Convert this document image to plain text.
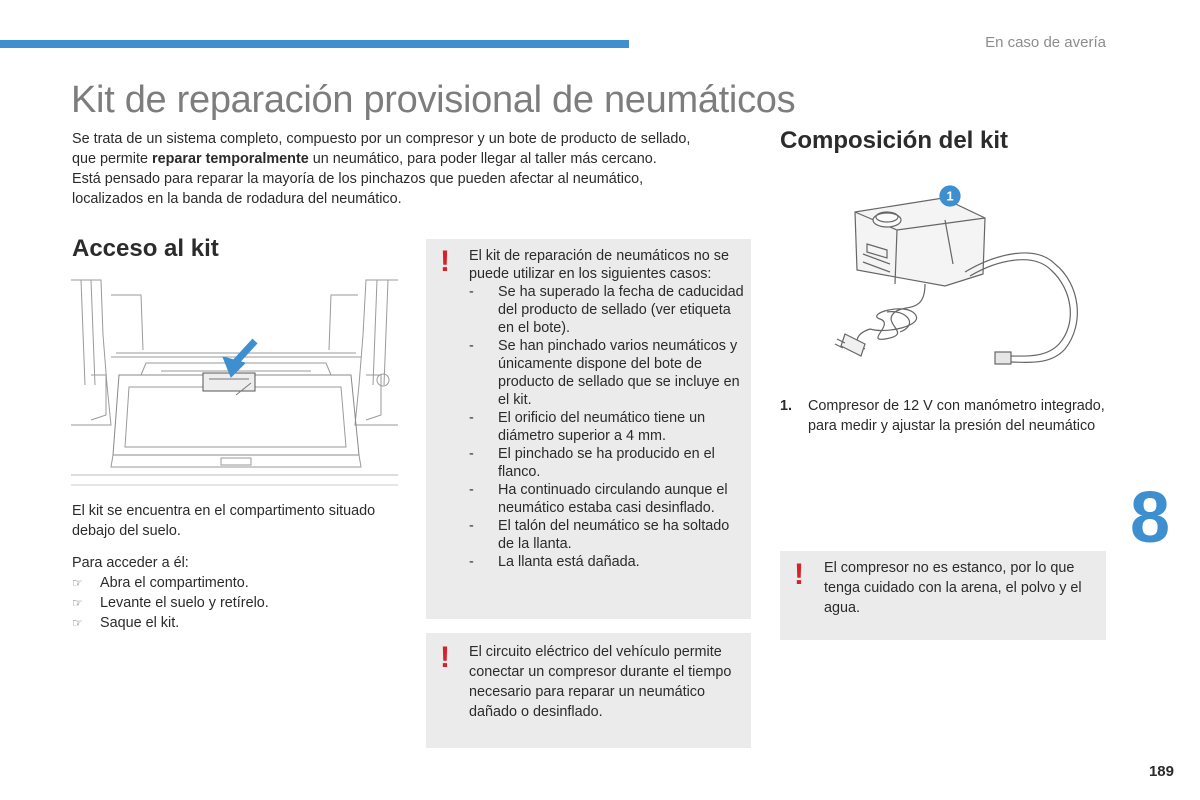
En caso de avería
Kit de reparación provisional de neumáticos

Se trata de un sistema completo, compuesto por un compresor y un bote de producto de sellado,

que permite reparar temporalmente un neumático, para poder llegar al taller más cercano.

Está pensado para reparar la mayoría de los pinchazos que pueden afectar al neumático,

localizados en la banda de rodadura del neumático.

Acceso al kit

El kit se encuentra en el compartimento situado debajo del suelo.

Para acceder a él:

☞ Abra el compartimento.
☞ Levante el suelo y retírelo.
☞ Saque el kit.
! El kit de reparación de neumáticos no se puede utilizar en los siguientes casos:

- Se ha superado la fecha de caducidad del producto de sellado (ver etiqueta en el bote).
- Se han pinchado varios neumáticos y únicamente dispone del bote de producto de sellado que se incluye en el kit.
- El orificio del neumático tiene un diámetro superior a 4 mm.
- El pinchado se ha producido en el flanco.
- Ha continuado circulando aunque el neumático estaba casi desinflado.
- El talón del neumático se ha soltado de la llanta.
- La llanta está dañada.
! El circuito eléctrico del vehículo permite conectar un compresor durante el tiempo necesario para reparar un neumático dañado o desinflado.
Composición del kit
1
1. Compresor de 12 V con manómetro integrado, para medir y ajustar la presión del neumático
! El compresor no es estanco, por lo que tenga cuidado con la arena, el polvo y el agua.
8
189
